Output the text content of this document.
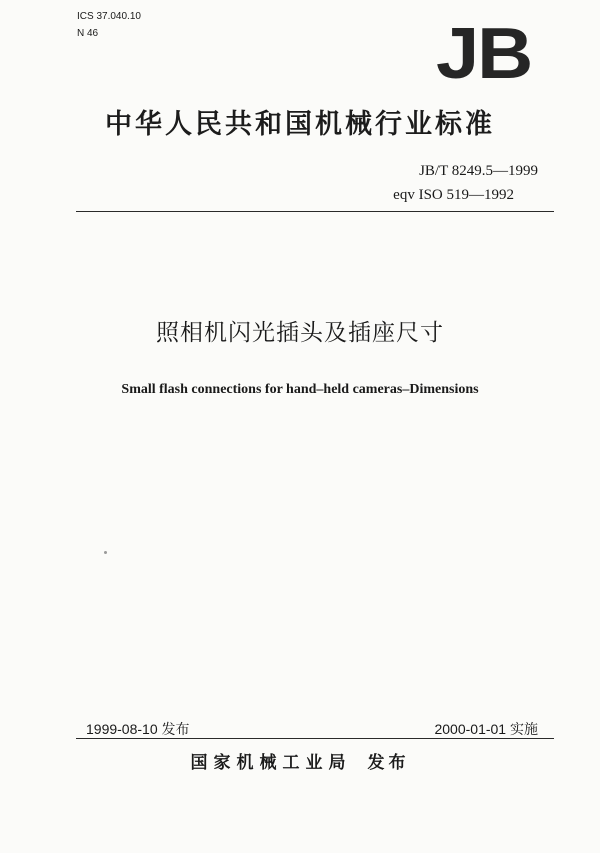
ICS 37.040.10
N 46	JB
中华人民共和国机械行业标准
JB/T 8249.5—1999
eqv ISO 519—1992
照相机闪光插头及插座尺寸
Small flash connections for hand–held cameras–Dimensions
1999-08-10 发布	2000-01-01 实施
国家机械工业局 发布
